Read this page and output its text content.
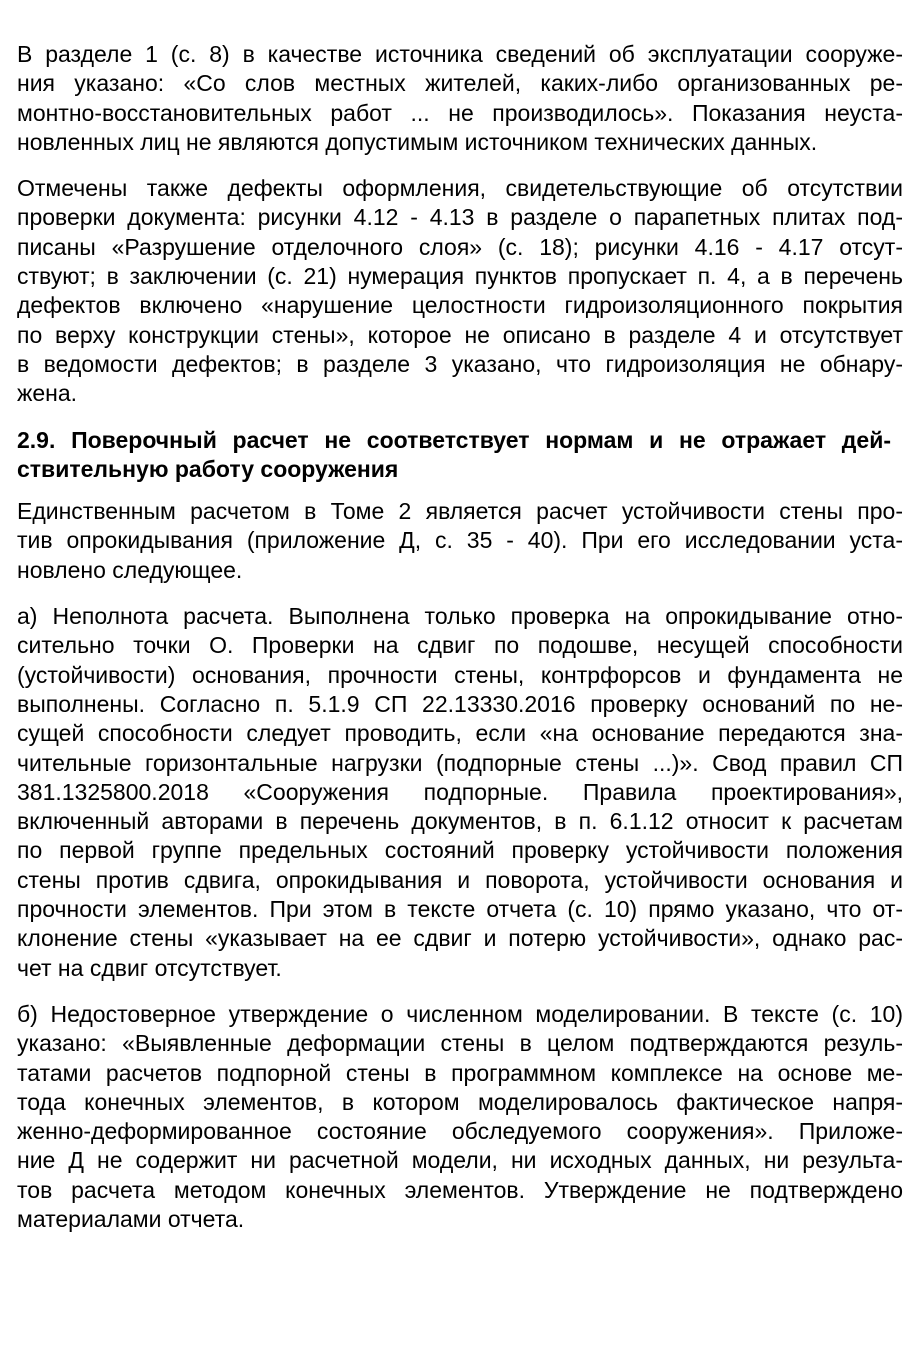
В разделе 1 (с. 8) в качестве источника сведений об эксплуатации сооруже-
ния указано: «Со слов местных жителей, каких-либо организованных ре-
монтно-восстановительных работ ... не производилось». Показания неуста-
новленных лиц не являются допустимым источником технических данных.

Отмечены также дефекты оформления, свидетельствующие об отсутствии
проверки документа: рисунки 4.12 - 4.13 в разделе о парапетных плитах под-
писаны «Разрушение отделочного слоя» (с. 18); рисунки 4.16 - 4.17 отсут-
ствуют; в заключении (с. 21) нумерация пунктов пропускает п. 4, а в перечень
дефектов включено «нарушение целостности гидроизоляционного покрытия
по верху конструкции стены», которое не описано в разделе 4 и отсутствует
в ведомости дефектов; в разделе 3 указано, что гидроизоляция не обнару-
жена.

2.9. Поверочный расчет не соответствует нормам и не отражает дей-
ствительную работу сооружения

Единственным расчетом в Томе 2 является расчет устойчивости стены про-
тив опрокидывания (приложение Д, с. 35 - 40). При его исследовании уста-
новлено следующее.

а) Неполнота расчета. Выполнена только проверка на опрокидывание отно-
сительно точки О. Проверки на сдвиг по подошве, несущей способности
(устойчивости) основания, прочности стены, контрфорсов и фундамента не
выполнены. Согласно п. 5.1.9 СП 22.13330.2016 проверку оснований по не-
сущей способности следует проводить, если «на основание передаются зна-
чительные горизонтальные нагрузки (подпорные стены ...)». Свод правил СП
381.1325800.2018 «Сооружения подпорные. Правила проектирования»,
включенный авторами в перечень документов, в п. 6.1.12 относит к расчетам
по первой группе предельных состояний проверку устойчивости положения
стены против сдвига, опрокидывания и поворота, устойчивости основания и
прочности элементов. При этом в тексте отчета (с. 10) прямо указано, что от-
клонение стены «указывает на ее сдвиг и потерю устойчивости», однако рас-
чет на сдвиг отсутствует.

б) Недостоверное утверждение о численном моделировании. В тексте (с. 10)
указано: «Выявленные деформации стены в целом подтверждаются резуль-
татами расчетов подпорной стены в программном комплексе на основе ме-
тода конечных элементов, в котором моделировалось фактическое напря-
женно-деформированное состояние обследуемого сооружения». Приложе-
ние Д не содержит ни расчетной модели, ни исходных данных, ни результа-
тов расчета методом конечных элементов. Утверждение не подтверждено
материалами отчета.
